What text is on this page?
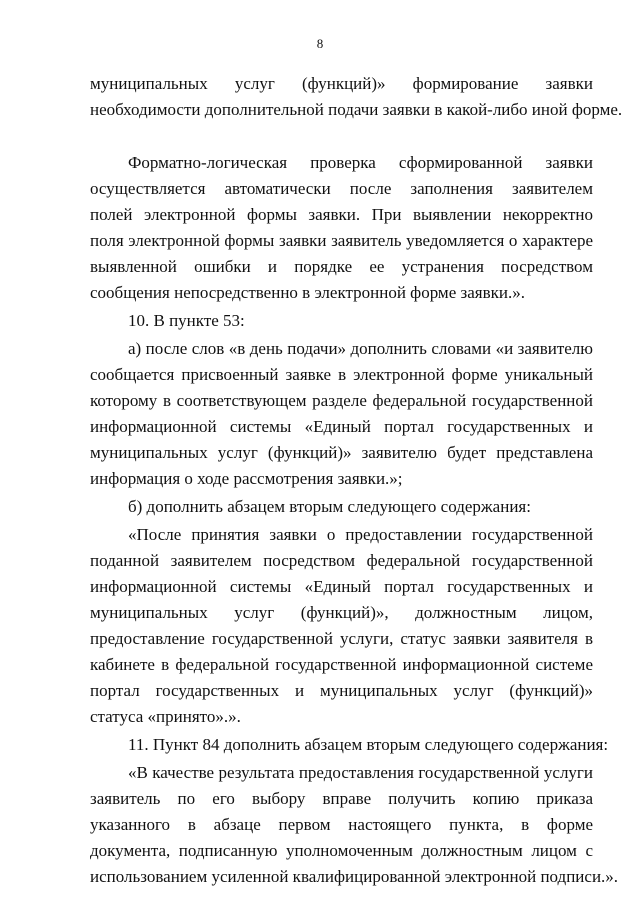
8
муниципальных услуг (функций)» формирование заявки
необходимости дополнительной подачи заявки в какой-либо иной форме.
Форматно-логическая проверка сформированной заявки
осуществляется автоматически после заполнения заявителем
полей электронной формы заявки. При выявлении некорректно
поля электронной формы заявки заявитель уведомляется о характере
выявленной ошибки и порядке ее устранения посредством
сообщения непосредственно в электронной форме заявки.».
10. В пункте 53:
а) после слов «в день подачи» дополнить словами «и заявителю
сообщается присвоенный заявке в электронной форме уникальный
которому в соответствующем разделе федеральной государственной
информационной системы «Единый портал государственных и
муниципальных услуг (функций)» заявителю будет представлена
информация о ходе рассмотрения заявки.»;
б) дополнить абзацем вторым следующего содержания:
«После принятия заявки о предоставлении государственной
поданной заявителем посредством федеральной государственной
информационной системы «Единый портал государственных и
муниципальных услуг (функций)», должностным лицом,
предоставление государственной услуги, статус заявки заявителя в
кабинете в федеральной государственной информационной системе
портал государственных и муниципальных услуг (функций)»
статуса «принято».».
11. Пункт 84 дополнить абзацем вторым следующего содержания:
«В качестве результата предоставления государственной услуги
заявитель по его выбору вправе получить копию приказа
указанного в абзаце первом настоящего пункта, в форме
документа, подписанную уполномоченным должностным лицом с
использованием усиленной квалифицированной электронной подписи.».
